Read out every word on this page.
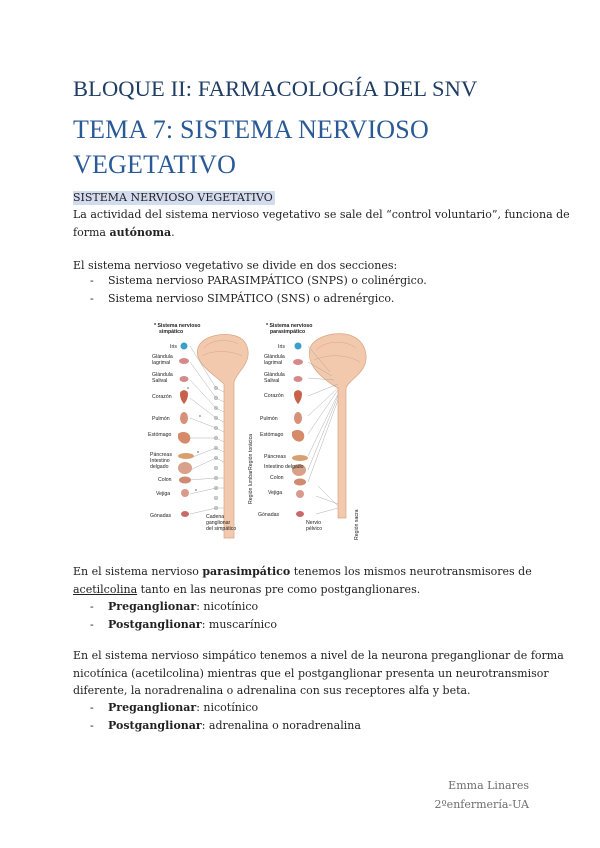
BLOQUE II: FARMACOLOGÍA DEL SNV
TEMA 7: SISTEMA NERVIOSO VEGETATIVO
SISTEMA NERVIOSO VEGETATIVO

La actividad del sistema nervioso vegetativo se sale del “control voluntario”, funciona de
forma autónoma.

El sistema nervioso vegetativo se divide en dos secciones:

- Sistema nervioso PARASIMPÁTICO (SNPS) o colinérgico.
- Sistema nervioso SIMPÁTICO (SNS) o adrenérgico.
* Sistema nervioso
simpático
Iris
Glándula
lagrimal
Glándula
Salival
Corazón
Pulmón
Estómago
Páncreas
Intestino
delgado
Colon
Vejiga
Gónadas	Cadena
ganglionar
del simpático
Región torácica
Región lumbar
* Sistema nervioso
parasimpático
Iris
Glándula
lagrimal
Glándula
Salival
Corazón
Pulmón
Estómago
Páncreas
Intestino delgado
Colon
Vejiga
Gónadas
Nervio
pélvico	Región sacra

En el sistema nervioso parasimpático tenemos los mismos neurotransmisores de
acetilcolina tanto en las neuronas pre como postganglionares.

- Preganglionar: nicotínico
- Postganglionar: muscarínico

En el sistema nervioso simpático tenemos a nivel de la neurona preganglionar de forma
nicotínica (acetilcolina) mientras que el postganglionar presenta un neurotransmisor
diferente, la noradrenalina o adrenalina con sus receptores alfa y beta.

- Preganglionar: nicotínico
- Postganglionar: adrenalina o noradrenalina
Emma Linares
2ºenfermería-UA
